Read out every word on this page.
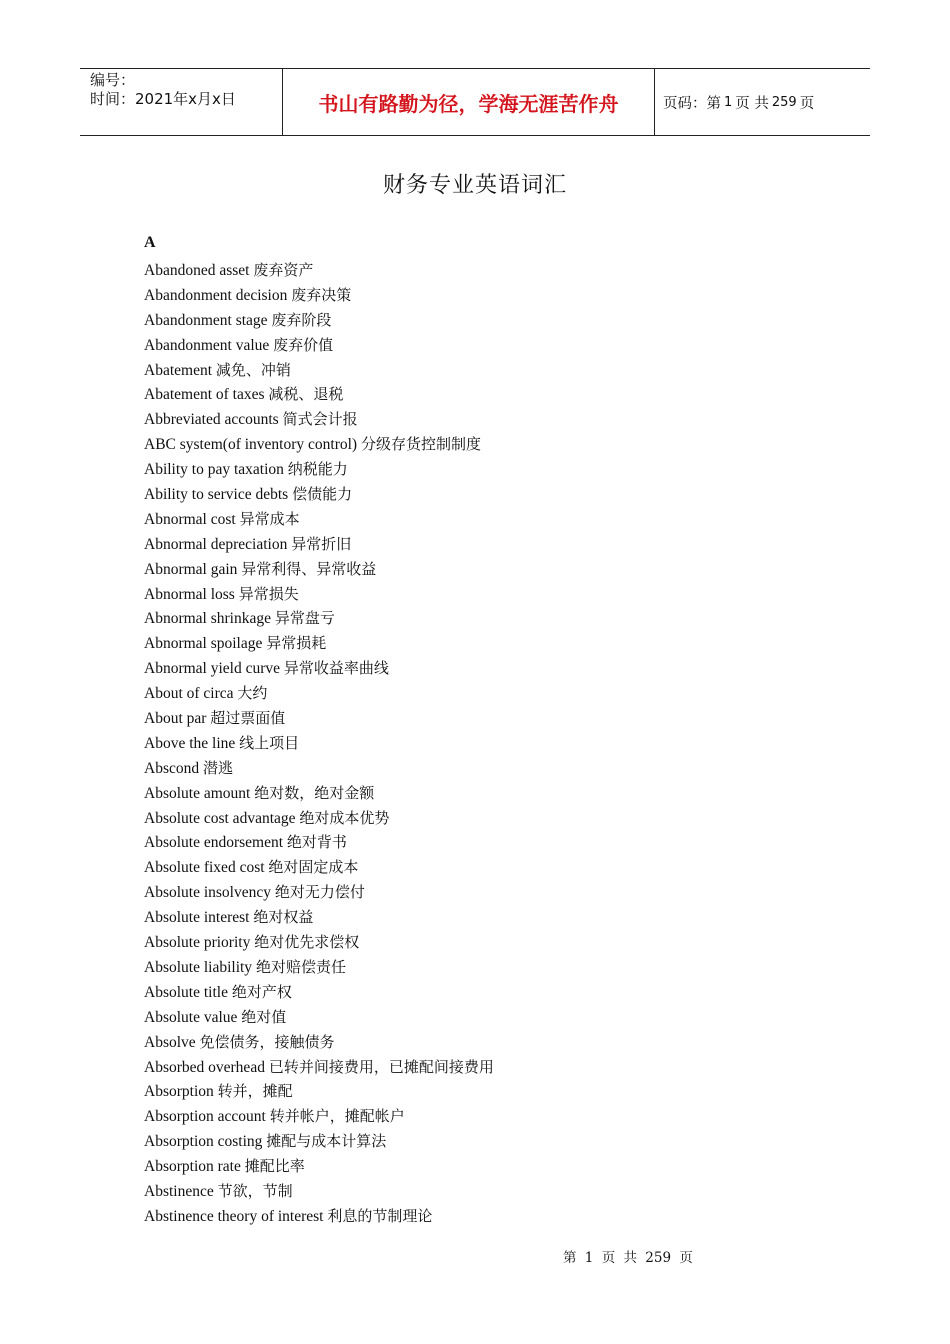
编号：
时间：2021年x月x日	书山有路勤为径，学海无涯苦作舟	页码：第 1 页 共 259 页
财务专业英语词汇
A
Abandoned asset 废弃资产
Abandonment decision 废弃决策
Abandonment stage 废弃阶段
Abandonment value 废弃价值
Abatement 减免、冲销
Abatement of taxes 减税、退税
Abbreviated accounts 简式会计报
ABC system(of inventory control) 分级存货控制制度
Ability to pay taxation 纳税能力
Ability to service debts 偿债能力
Abnormal cost 异常成本
Abnormal depreciation 异常折旧
Abnormal gain 异常利得、异常收益
Abnormal loss 异常损失
Abnormal shrinkage 异常盘亏
Abnormal spoilage 异常损耗
Abnormal yield curve 异常收益率曲线
About of circa 大约
About par 超过票面值
Above the line 线上项目
Abscond 潜逃
Absolute amount 绝对数，绝对金额
Absolute cost advantage 绝对成本优势
Absolute endorsement 绝对背书
Absolute fixed cost 绝对固定成本
Absolute insolvency 绝对无力偿付
Absolute interest 绝对权益
Absolute priority 绝对优先求偿权
Absolute liability 绝对赔偿责任
Absolute title 绝对产权
Absolute value 绝对值
Absolve 免偿债务，接触债务
Absorbed overhead 已转并间接费用，已摊配间接费用
Absorption 转并，摊配
Absorption account 转并帐户，摊配帐户
Absorption costing 摊配与成本计算法
Absorption rate 摊配比率
Abstinence 节欲，节制
Abstinence theory of interest 利息的节制理论
第 1 页 共 259 页
